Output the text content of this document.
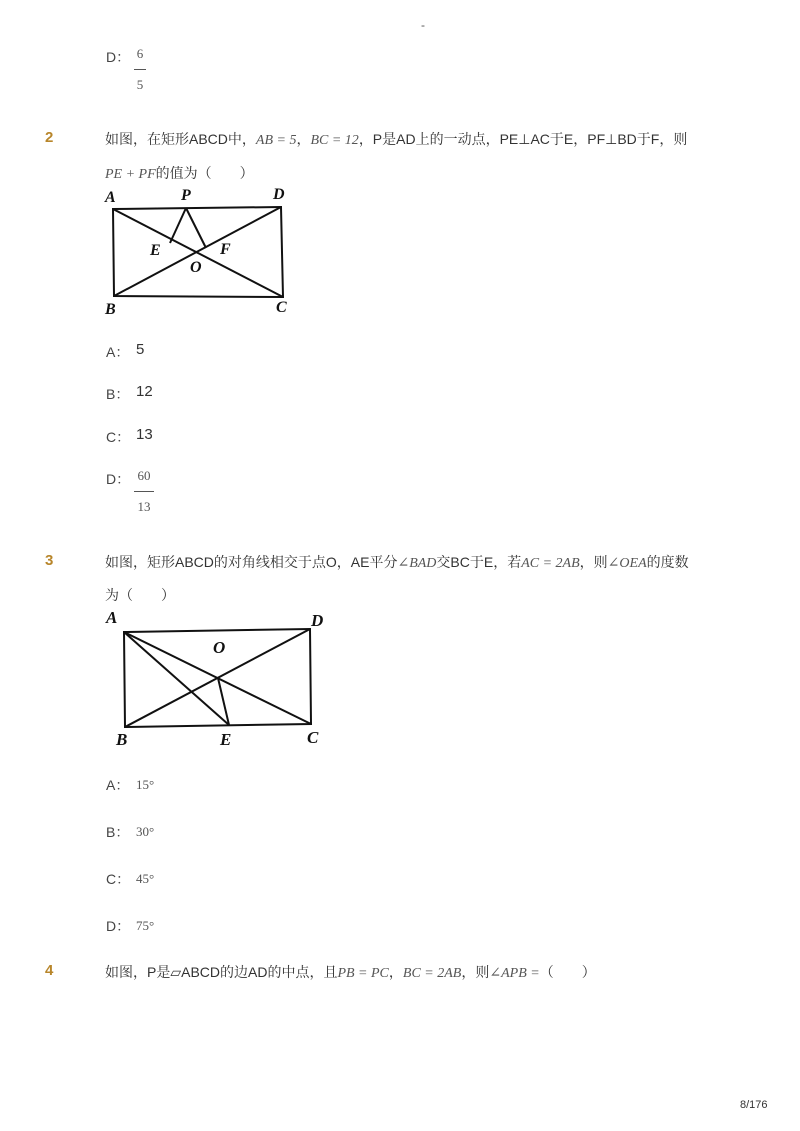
-
D： 6
5
2	如图，在矩形ABCD中，AB = 5，BC = 12，P是AD上的一动点，PE⊥AC于E，PF⊥BD于F，则
PE + PF的值为（　　）
A	P	D
E	F
O
B	C
A： 5
B： 12
C： 13
D： 60
13
3	如图，矩形ABCD的对角线相交于点O，AE平分∠BAD交BC于E，若AC = 2AB，则∠OEA的度数
为（　　）
A	D
O
B	E	C
A： 15°
B： 30°
C： 45°
D： 75°
4	如图，P是▱ABCD的边AD的中点，且PB = PC，BC = 2AB，则∠APB =（　　）
8/176
